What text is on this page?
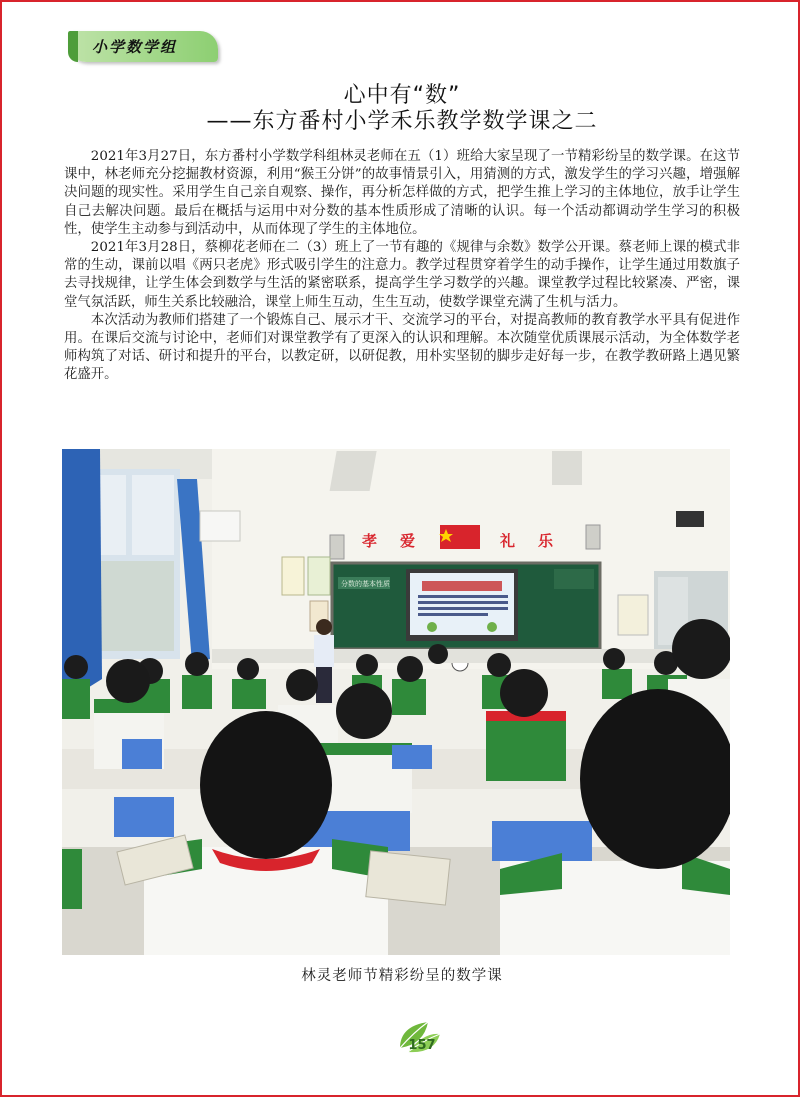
小学数学组
心中有“数”
——东方番村小学禾乐教学数学课之二

2021年3月27日，东方番村小学数学科组林灵老师在五（1）班给大家呈现了一节精彩纷呈的数学课。在这节课中，林老师充分挖掘教材资源，利用“猴王分饼”的故事情景引入，用猜测的方式，激发学生的学习兴趣，增强解决问题的现实性。采用学生自己亲自观察、操作，再分析怎样做的方式，把学生推上学习的主体地位，放手让学生自己去解决问题。最后在概括与运用中对分数的基本性质形成了清晰的认识。每一个活动都调动学生学习的积极性，使学生主动参与到活动中，从而体现了学生的主体地位。

2021年3月28日，蔡柳花老师在二（3）班上了一节有趣的《规律与余数》数学公开课。蔡老师上课的模式非常的生动，课前以唱《两只老虎》形式吸引学生的注意力。教学过程贯穿着学生的动手操作，让学生通过用数旗子去寻找规律，让学生体会到数学与生活的紧密联系，提高学生学习数学的兴趣。课堂教学过程比较紧凑、严密，课堂气氛活跃，师生关系比较融洽，课堂上师生互动，生生互动，使数学课堂充满了生机与活力。

本次活动为教师们搭建了一个锻炼自己、展示才干、交流学习的平台，对提高教师的教育教学水平具有促进作用。在课后交流与讨论中，老师们对课堂教学有了更深入的认识和理解。本次随堂优质课展示活动，为全体数学老师构筑了对话、研讨和提升的平台，以教定研，以研促教，用朴实坚韧的脚步走好每一步，在教学教研路上遇见繁花盛开。

孝 爱	礼 乐
分数的基本性质
林灵老师节精彩纷呈的数学课
157
